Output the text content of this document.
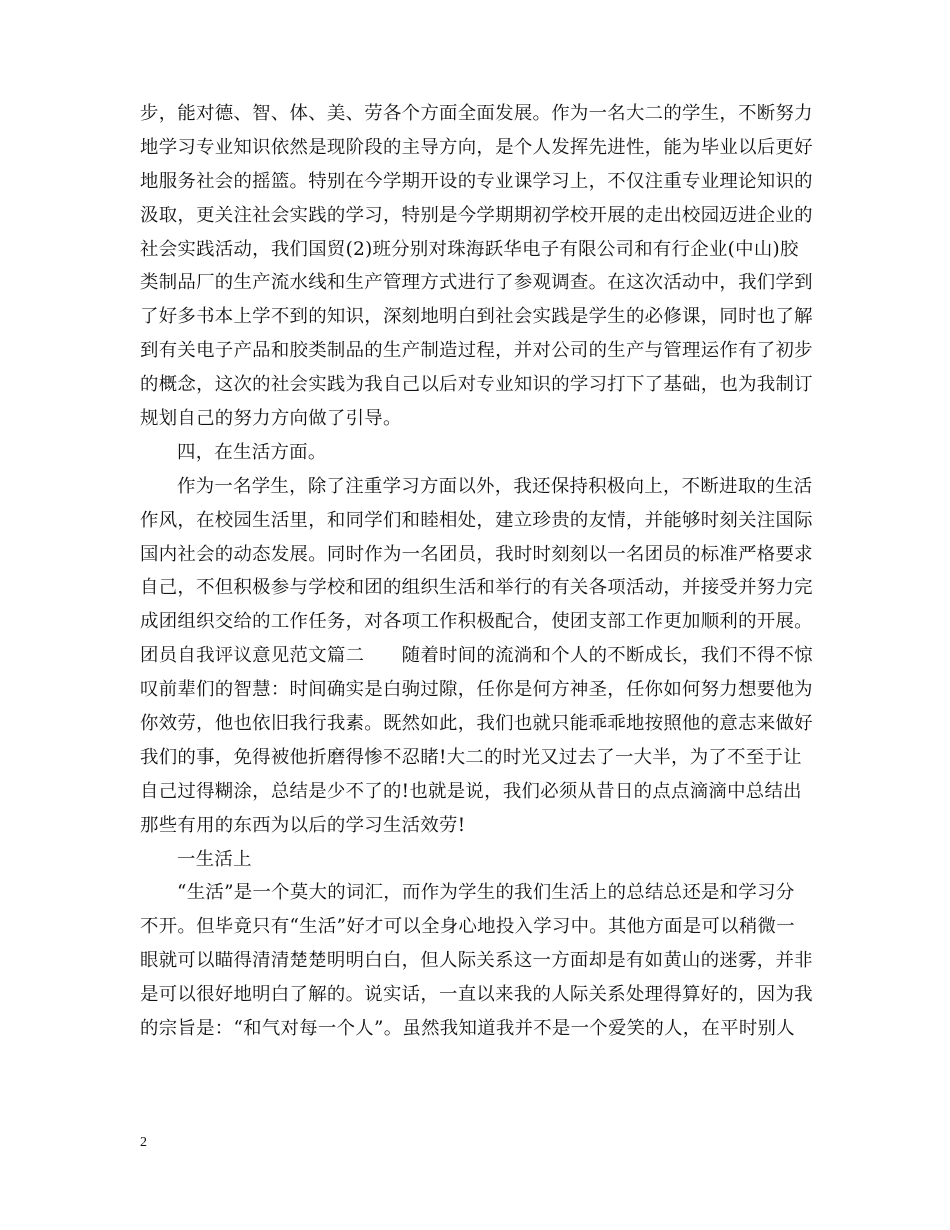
步，能对德、智、体、美、劳各个方面全面发展。作为一名大二的学生，不断努力
地学习专业知识依然是现阶段的主导方向，是个人发挥先进性，能为毕业以后更好
地服务社会的摇篮。特别在今学期开设的专业课学习上，不仅注重专业理论知识的
汲取，更关注社会实践的学习，特别是今学期期初学校开展的走出校园迈进企业的
社会实践活动，我们国贸(2)班分别对珠海跃华电子有限公司和有行企业(中山)胶
类制品厂的生产流水线和生产管理方式进行了参观调查。在这次活动中，我们学到
了好多书本上学不到的知识，深刻地明白到社会实践是学生的必修课，同时也了解
到有关电子产品和胶类制品的生产制造过程，并对公司的生产与管理运作有了初步
的概念，这次的社会实践为我自己以后对专业知识的学习打下了基础，也为我制订
规划自己的努力方向做了引导。
四，在生活方面。
作为一名学生，除了注重学习方面以外，我还保持积极向上，不断进取的生活
作风，在校园生活里，和同学们和睦相处，建立珍贵的友情，并能够时刻关注国际
国内社会的动态发展。同时作为一名团员，我时时刻刻以一名团员的标准严格要求
自己，不但积极参与学校和团的组织生活和举行的有关各项活动，并接受并努力完
成团组织交给的工作任务，对各项工作积极配合，使团支部工作更加顺利的开展。
团员自我评议意见范文篇二　　随着时间的流淌和个人的不断成长，我们不得不惊
叹前辈们的智慧：时间确实是白驹过隙，任你是何方神圣，任你如何努力想要他为
你效劳，他也依旧我行我素。既然如此，我们也就只能乖乖地按照他的意志来做好
我们的事，免得被他折磨得惨不忍睹!大二的时光又过去了一大半，为了不至于让
自己过得糊涂，总结是少不了的!也就是说，我们必须从昔日的点点滴滴中总结出
那些有用的东西为以后的学习生活效劳!
一生活上
“生活”是一个莫大的词汇，而作为学生的我们生活上的总结总还是和学习分
不开。但毕竟只有“生活”好才可以全身心地投入学习中。其他方面是可以稍微一
眼就可以瞄得清清楚楚明明白白，但人际关系这一方面却是有如黄山的迷雾，并非
是可以很好地明白了解的。说实话，一直以来我的人际关系处理得算好的，因为我
的宗旨是：“和气对每一个人”。虽然我知道我并不是一个爱笑的人，在平时别人
2
